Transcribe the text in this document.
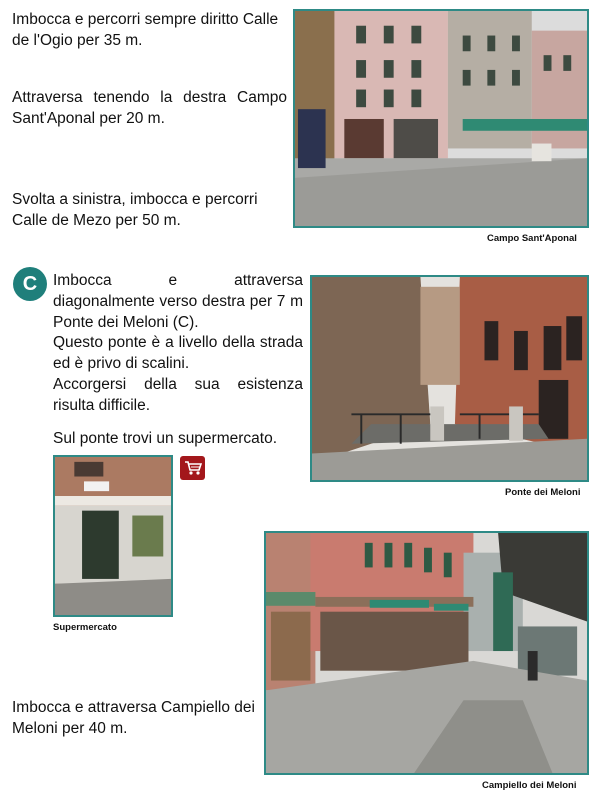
Imbocca e percorri sempre diritto Calle de l'Ogio per 35 m.

Attraversa tenendo la destra Campo Sant'Aponal per 20 m.

Svolta a sinistra, imbocca e percorri Calle de Mezo per 50 m.

C	Imbocca e attraversa diagonalmente verso destra per 7 m Ponte dei Meloni (C).

Questo ponte è a livello della strada ed è privo di scalini.

Accorgersi della sua esistenza risulta difficile.

Sul ponte trovi un supermercato.

Imbocca e attraversa Campiello dei Meloni per 40 m.

Campo Sant'Aponal
Ponte dei Meloni
Supermercato
Campiello dei Meloni
